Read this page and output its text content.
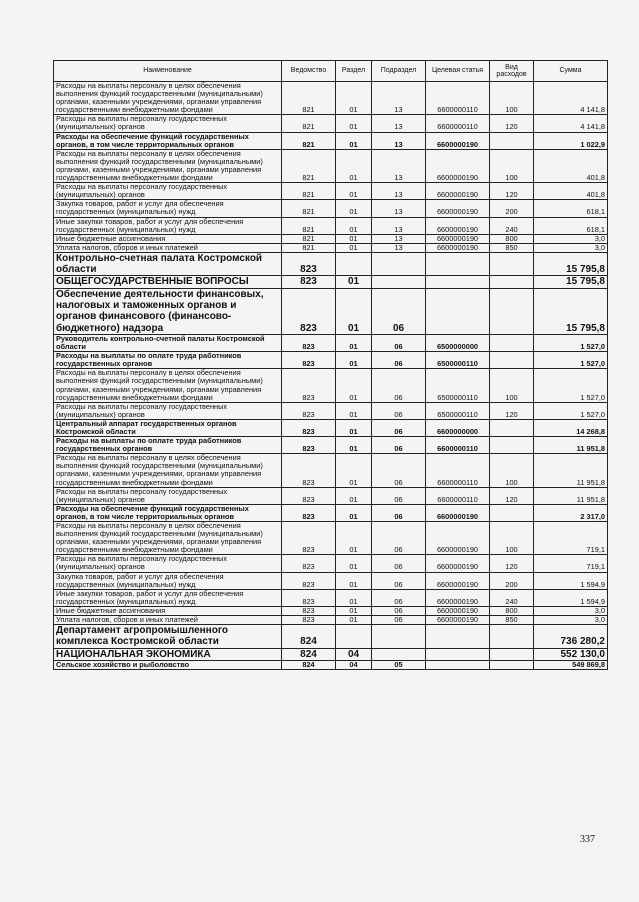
Наименование	Ведомство	Раздел	Подраздел	Целевая статья	Вид расходов	Сумма
Расходы на выплаты персоналу в целях обеспечения выполнения функций государственными (муниципальными) органами, казенными учреждениями, органами управления государственными внебюджетными фондами	821	01	13	6600000110	100	4 141,8
Расходы на выплаты персоналу государственных (муниципальных) органов	821	01	13	6600000110	120	4 141,8
Расходы на обеспечение функций государственных органов, в том числе территориальных органов	821	01	13	6600000190		1 022,9
Расходы на выплаты персоналу в целях обеспечения выполнения функций государственными (муниципальными) органами, казенными учреждениями, органами управления государственными внебюджетными фондами	821	01	13	6600000190	100	401,8
Расходы на выплаты персоналу государственных (муниципальных) органов	821	01	13	6600000190	120	401,8
Закупка товаров, работ и услуг для обеспечения государственных (муниципальных) нужд	821	01	13	6600000190	200	618,1
Иные закупки товаров, работ и услуг для обеспечения государственных (муниципальных) нужд	821	01	13	6600000190	240	618,1
Иные бюджетные ассигнования	821	01	13	6600000190	800	3,0
Уплата налогов, сборов и иных платежей	821	01	13	6600000190	850	3,0
Контрольно-счетная палата Костромской области	823					15 795,8
ОБЩЕГОСУДАРСТВЕННЫЕ ВОПРОСЫ	823	01				15 795,8
Обеспечение деятельности финансовых, налоговых и таможенных органов и органов финансового (финансово-бюджетного) надзора	823	01	06			15 795,8
Руководитель контрольно-счетной палаты Костромской области	823	01	06	6500000000		1 527,0
Расходы на выплаты по оплате труда работников государственных органов	823	01	06	6500000110		1 527,0
Расходы на выплаты персоналу в целях обеспечения выполнения функций государственными (муниципальными) органами, казенными учреждениями, органами управления государственными внебюджетными фондами	823	01	06	6500000110	100	1 527,0
Расходы на выплаты персоналу государственных (муниципальных) органов	823	01	06	6500000110	120	1 527,0
Центральный аппарат государственных органов Костромской области	823	01	06	6600000000		14 268,8
Расходы на выплаты по оплате труда работников государственных органов	823	01	06	6600000110		11 951,8
Расходы на выплаты персоналу в целях обеспечения выполнения функций государственными (муниципальными) органами, казенными учреждениями, органами управления государственными внебюджетными фондами	823	01	06	6600000110	100	11 951,8
Расходы на выплаты персоналу государственных (муниципальных) органов	823	01	06	6600000110	120	11 951,8
Расходы на обеспечение функций государственных органов, в том числе территориальных органов	823	01	06	6600000190		2 317,0
Расходы на выплаты персоналу в целях обеспечения выполнения функций государственными (муниципальными) органами, казенными учреждениями, органами управления государственными внебюджетными фондами	823	01	06	6600000190	100	719,1
Расходы на выплаты персоналу государственных (муниципальных) органов	823	01	06	6600000190	120	719,1
Закупка товаров, работ и услуг для обеспечения государственных (муниципальных) нужд	823	01	06	6600000190	200	1 594,9
Иные закупки товаров, работ и услуг для обеспечения государственных (муниципальных) нужд	823	01	06	6600000190	240	1 594,9
Иные бюджетные ассигнования	823	01	06	6600000190	800	3,0
Уплата налогов, сборов и иных платежей	823	01	06	6600000190	850	3,0
Департамент агропромышленного комплекса Костромской области	824					736 280,2
НАЦИОНАЛЬНАЯ ЭКОНОМИКА	824	04				552 130,0
Сельское хозяйство и рыболовство	824	04	05			549 869,8
337
